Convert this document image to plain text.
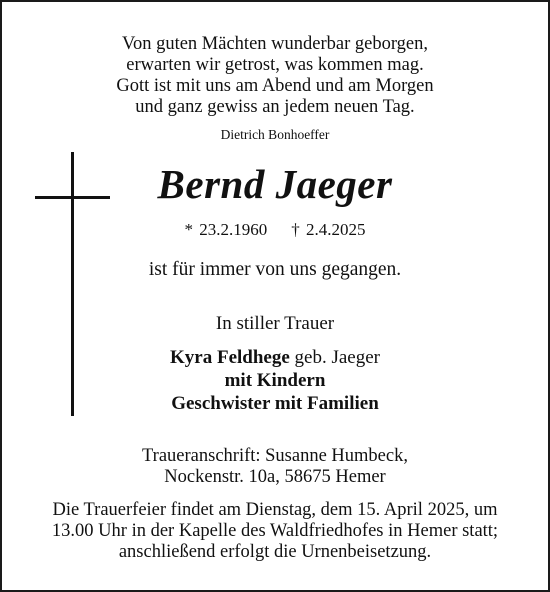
Von guten Mächten wunderbar geborgen,
erwarten wir getrost, was kommen mag.
Gott ist mit uns am Abend und am Morgen
und ganz gewiss an jedem neuen Tag.
Dietrich Bonhoeffer
Bernd Jaeger
* 23.2.1960 † 2.4.2025
ist für immer von uns gegangen.
In stiller Trauer
Kyra Feldhege geb. Jaeger
mit Kindern
Geschwister mit Familien
Traueranschrift: Susanne Humbeck,
Nockenstr. 10a, 58675 Hemer
Die Trauerfeier findet am Dienstag, dem 15. April 2025, um
13.00 Uhr in der Kapelle des Waldfriedhofes in Hemer statt;
anschließend erfolgt die Urnenbeisetzung.
